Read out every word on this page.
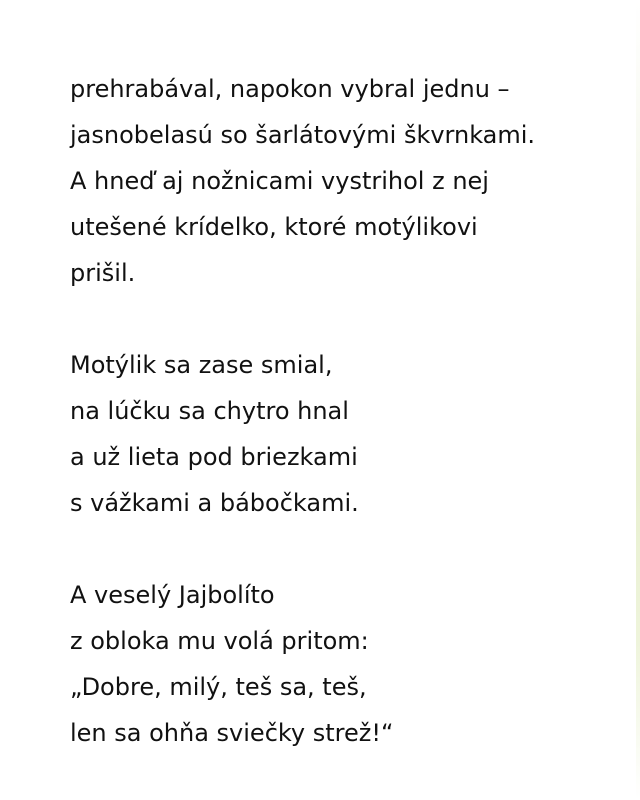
prehrabával, napokon vybral jednu –
jasnobelasú so šarlátovými škvrnkami.
A hneď aj nožnicami vystrihol z nej
utešené krídelko, ktoré motýlikovi
prišil.
Motýlik sa zase smial,
na lúčku sa chytro hnal
a už lieta pod briezkami
s vážkami a bábočkami.
A veselý Jajbolíto
z obloka mu volá pritom:
„Dobre, milý, teš sa, teš,
len sa ohňa sviečky strež!“
